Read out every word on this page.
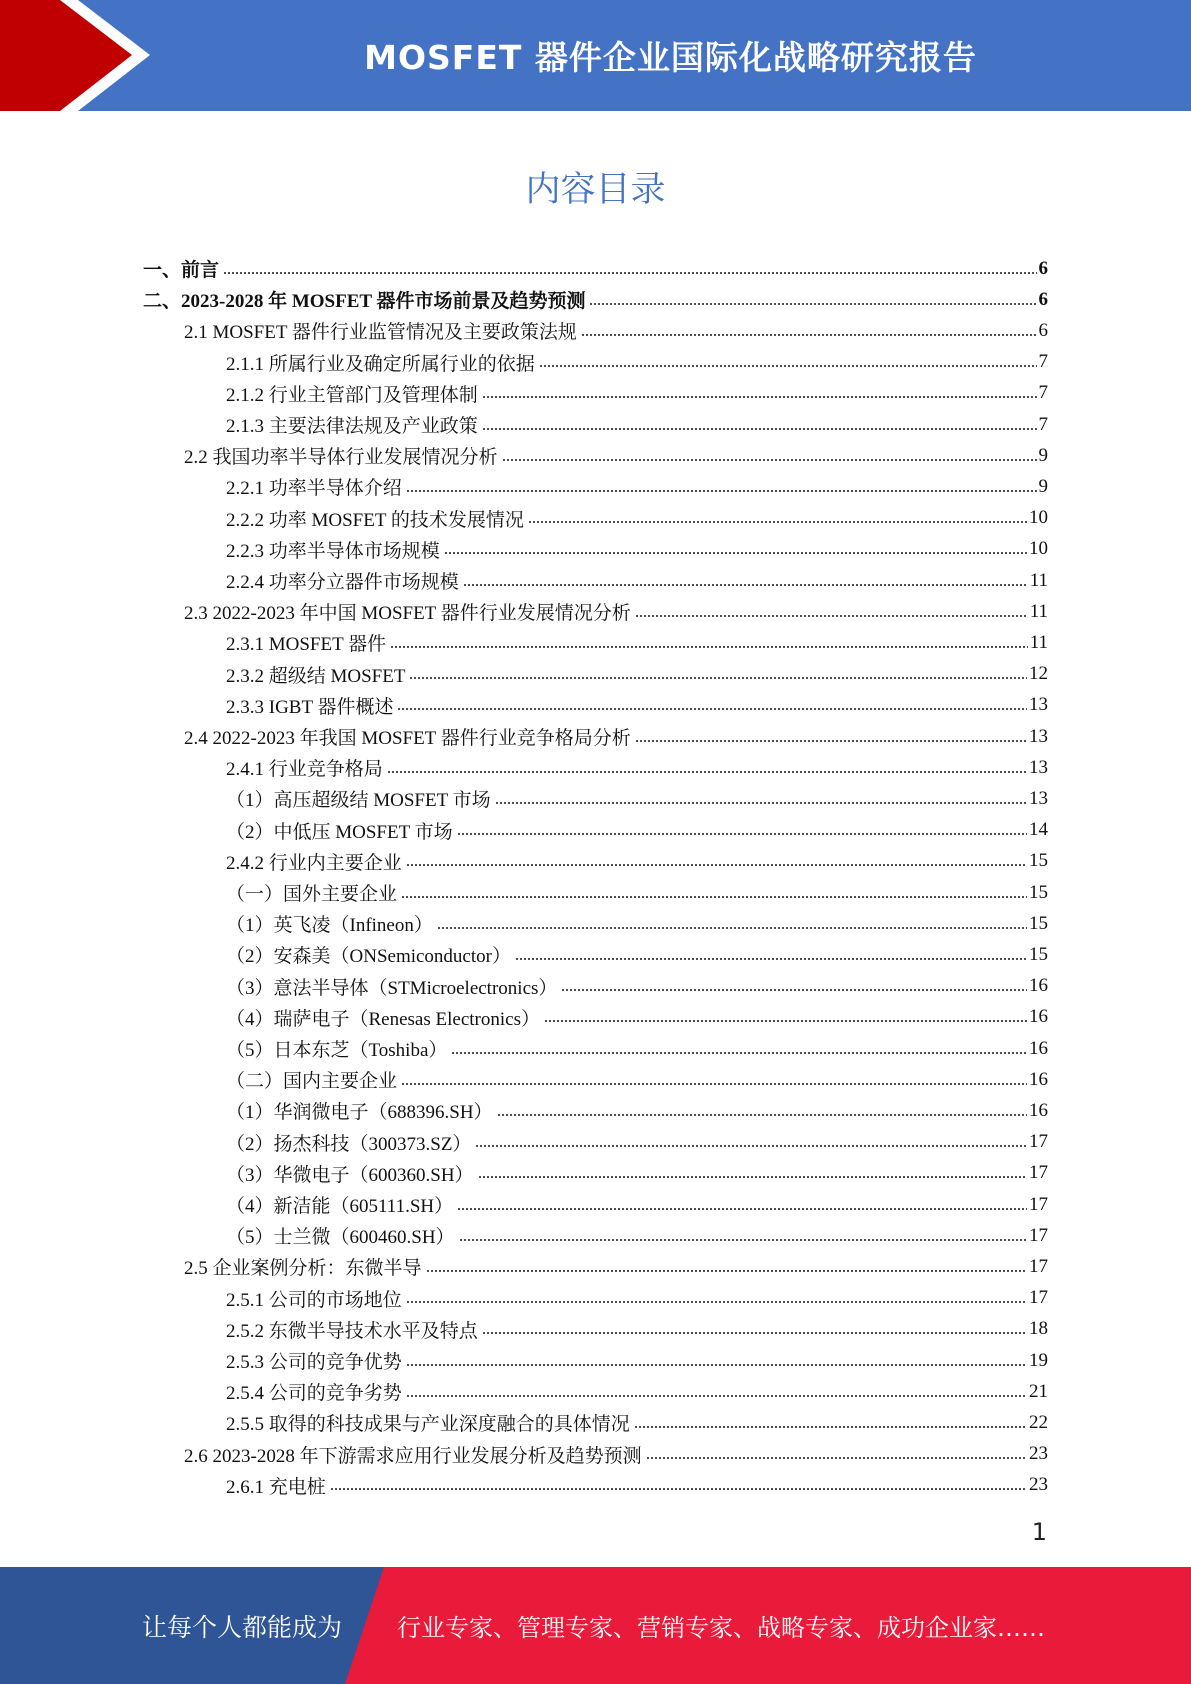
MOSFET 器件企业国际化战略研究报告
内容目录
一、前言	6
二、2023-2028 年 MOSFET 器件市场前景及趋势预测	6
2.1 MOSFET 器件行业监管情况及主要政策法规	6
2.1.1 所属行业及确定所属行业的依据	7
2.1.2 行业主管部门及管理体制	7
2.1.3 主要法律法规及产业政策	7
2.2 我国功率半导体行业发展情况分析	9
2.2.1 功率半导体介绍	9
2.2.2 功率 MOSFET 的技术发展情况	10
2.2.3 功率半导体市场规模	10
2.2.4 功率分立器件市场规模	11
2.3 2022-2023 年中国 MOSFET 器件行业发展情况分析	11
2.3.1 MOSFET 器件	11
2.3.2 超级结 MOSFET	12
2.3.3 IGBT 器件概述	13
2.4 2022-2023 年我国 MOSFET 器件行业竞争格局分析	13
2.4.1 行业竞争格局	13
（1）高压超级结 MOSFET 市场	13
（2）中低压 MOSFET 市场	14
2.4.2 行业内主要企业	15
（一）国外主要企业	15
（1）英飞凌（Infineon）	15
（2）安森美（ONSemiconductor）	15
（3）意法半导体（STMicroelectronics）	16
（4）瑞萨电子（Renesas Electronics）	16
（5）日本东芝（Toshiba）	16
（二）国内主要企业	16
（1）华润微电子（688396.SH）	16
（2）扬杰科技（300373.SZ）	17
（3）华微电子（600360.SH）	17
（4）新洁能（605111.SH）	17
（5）士兰微（600460.SH）	17
2.5 企业案例分析：东微半导	17
2.5.1 公司的市场地位	17
2.5.2 东微半导技术水平及特点	18
2.5.3 公司的竞争优势	19
2.5.4 公司的竞争劣势	21
2.5.5 取得的科技成果与产业深度融合的具体情况	22
2.6 2023-2028 年下游需求应用行业发展分析及趋势预测	23
2.6.1 充电桩	23
1
让每个人都能成为 行业专家、管理专家、营销专家、战略专家、成功企业家……
